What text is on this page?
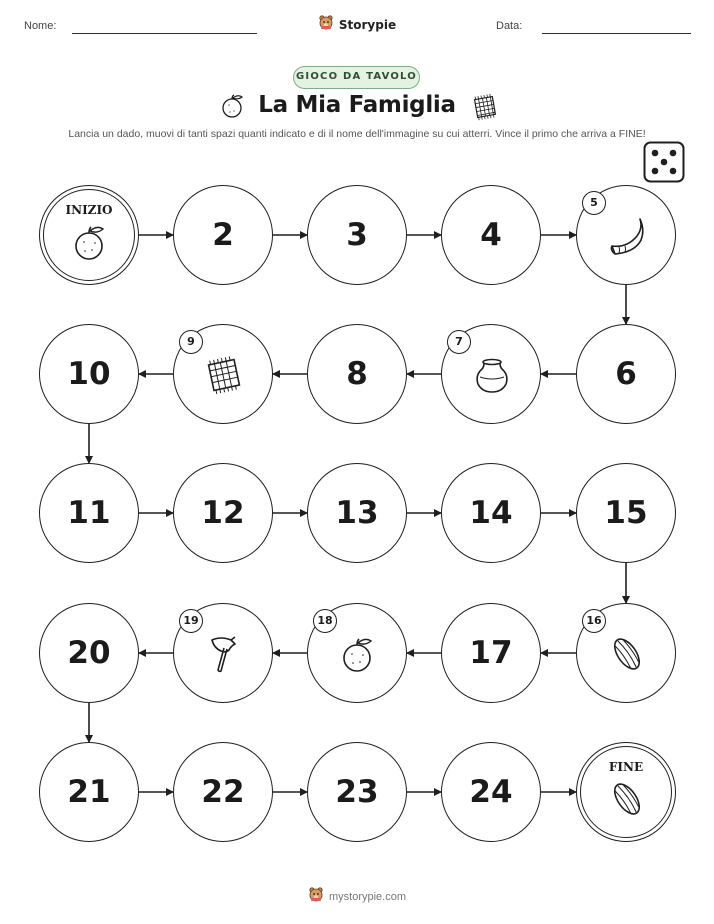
Nome:	Data:
Storypie
GIOCO DA TAVOLO
La Mia Famiglia
Lancia un dado, muovi di tanti spazi quanti indicato e di il nome dell'immagine su cui atterri. Vince il primo che arriva a FINE!
INIZIO
2	3	4
5
6
7
8
9
10
11	12	13	14	15
16
17
18
19
20
21	22	23	24
FINE
mystorypie.com
